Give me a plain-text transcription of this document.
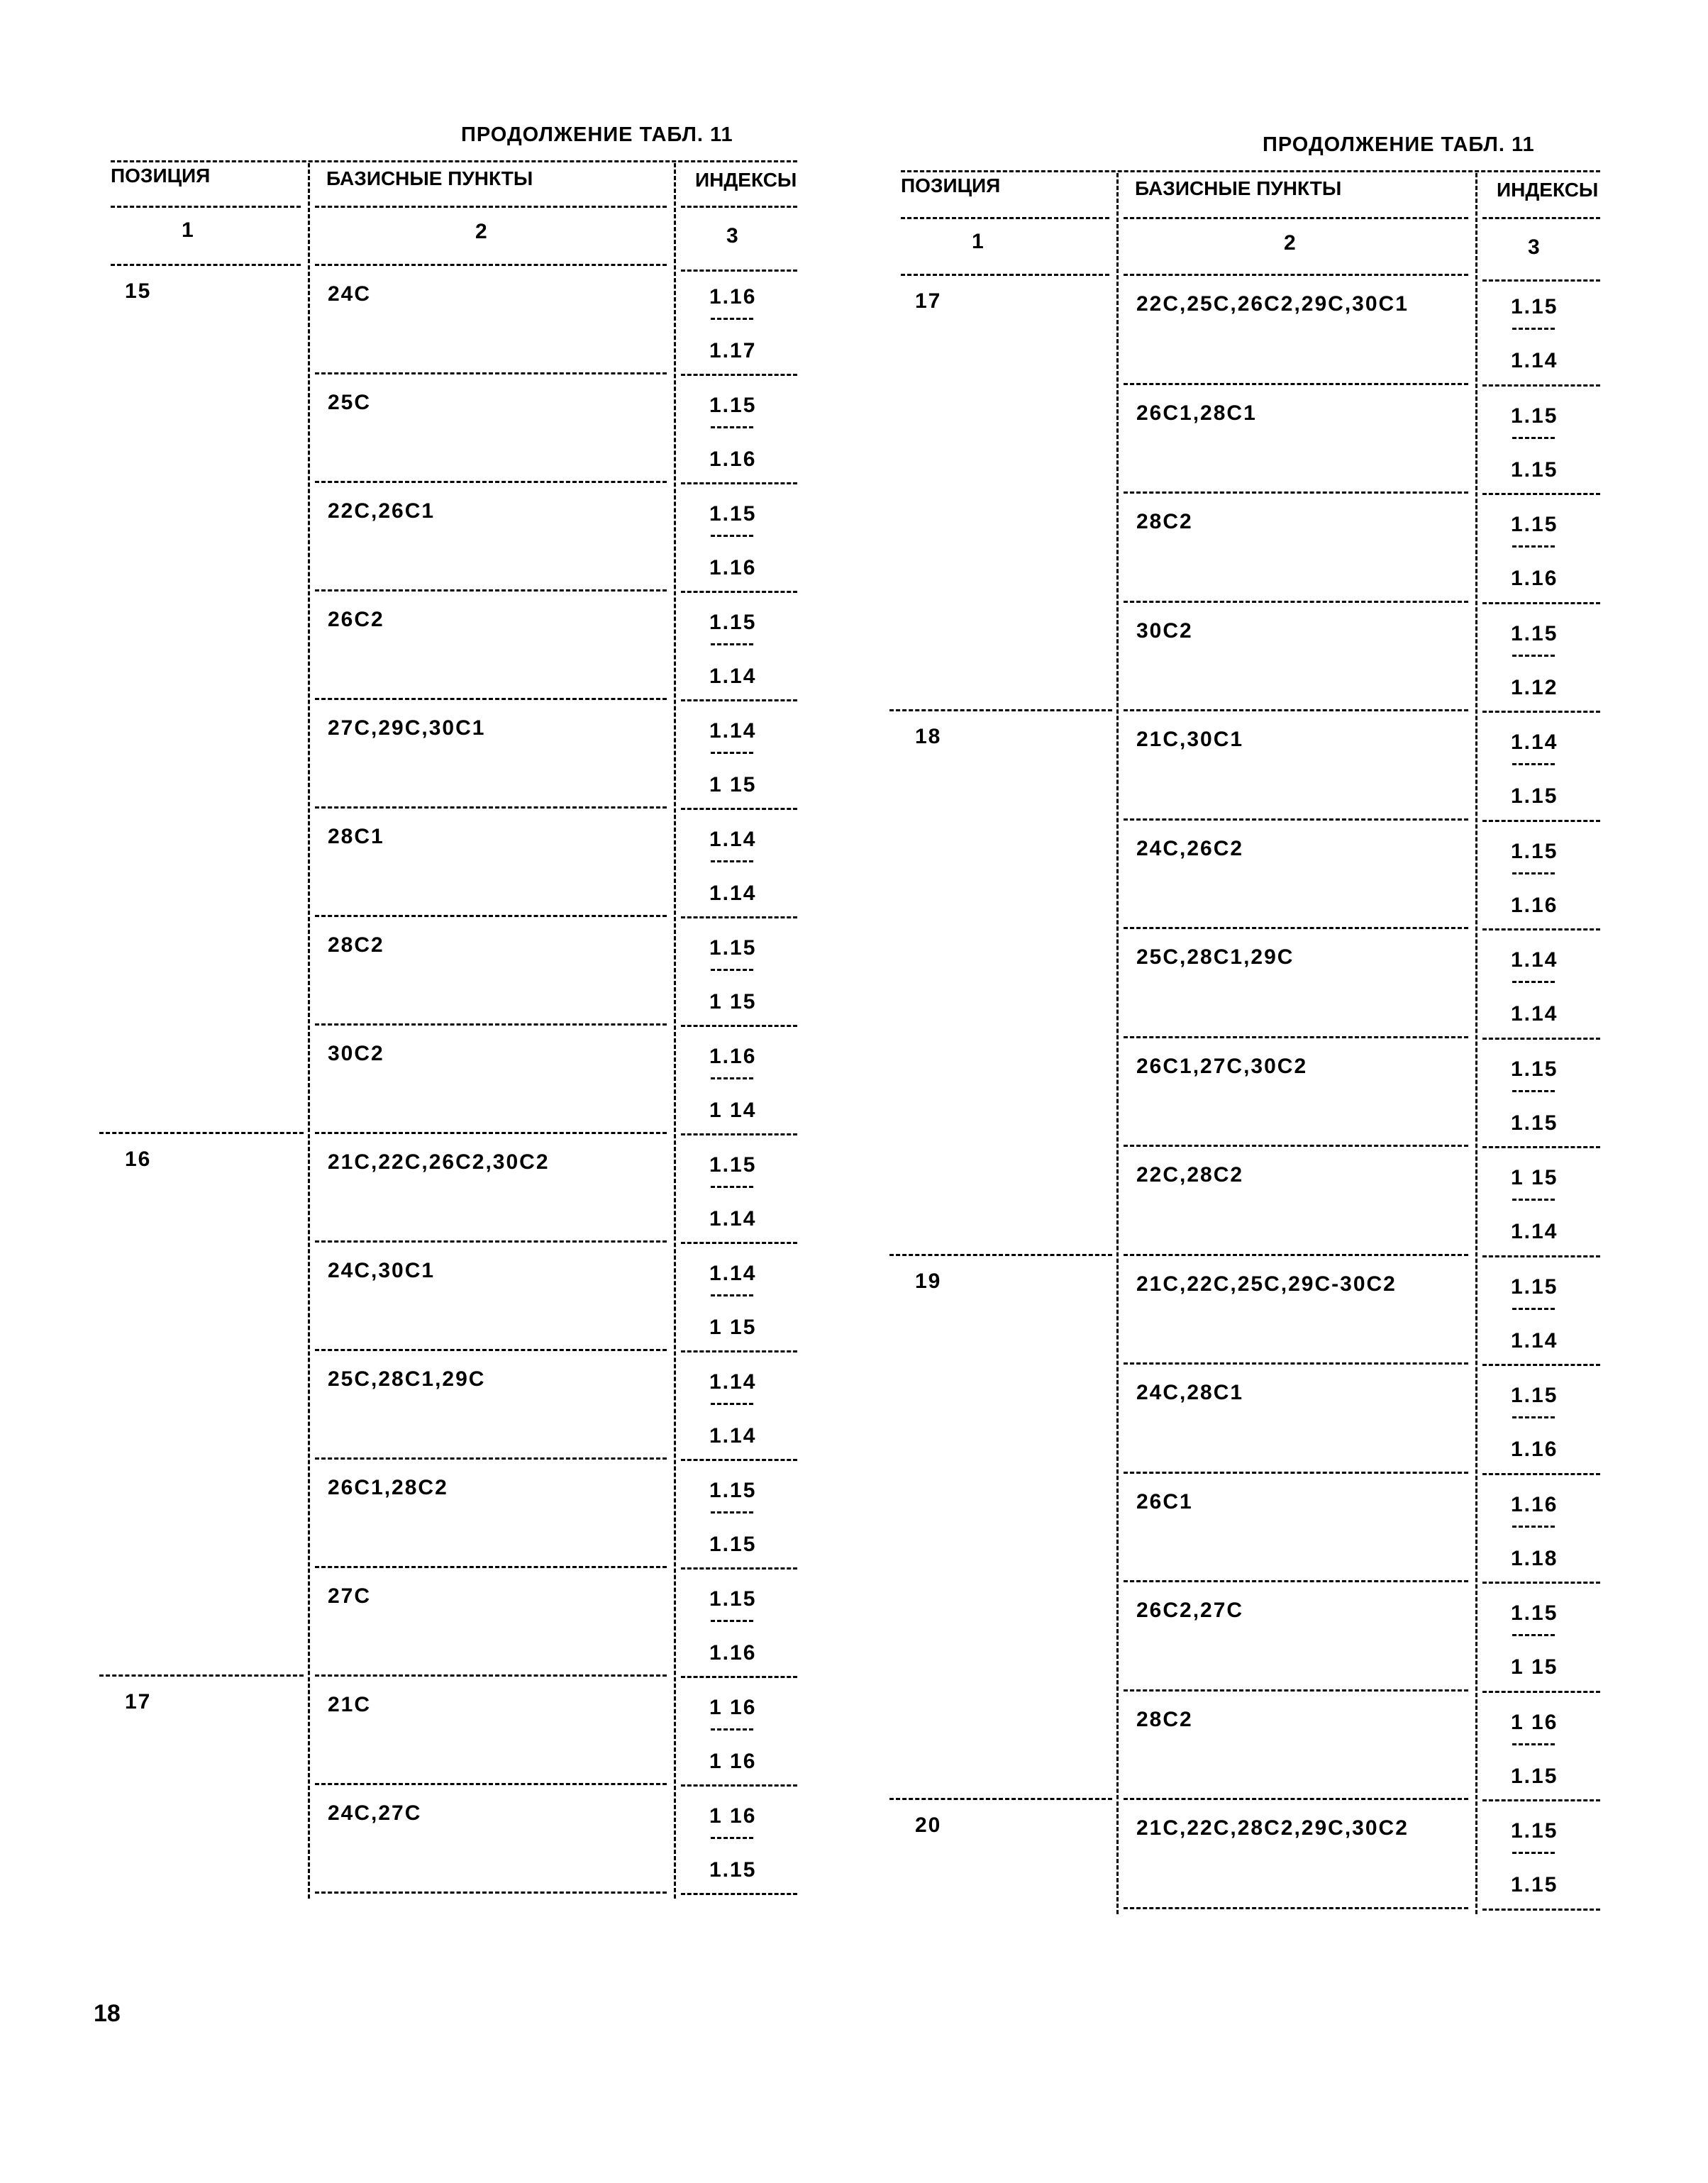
ПРОДОЛЖЕНИЕ ТАБЛ. 11
ПОЗИЦИЯ	БАЗИСНЫЕ ПУНКТЫ	ИНДЕКСЫ
1	2	3
15	24C	1.16
1.17
25C	1.15
1.16
22C,26C1	1.15
1.16
26C2	1.15
1.14
27C,29C,30C1	1.14
1 15
28C1	1.14
1.14
28C2	1.15
1 15
30C2	1.16
1 14
16	21C,22C,26C2,30C2	1.15
1.14
24C,30C1	1.14
1 15
25C,28C1,29C	1.14
1.14
26C1,28C2	1.15
1.15
27C	1.15
1.16
17	21C	1 16
1 16
24C,27C	1 16
1.15
ПРОДОЛЖЕНИЕ ТАБЛ. 11
ПОЗИЦИЯ	БАЗИСНЫЕ ПУНКТЫ	ИНДЕКСЫ
1	2	3
17	22C,25C,26C2,29C,30C1	1.15
1.14
26C1,28C1	1.15
1.15
28C2	1.15
1.16
30C2	1.15
1.12
18	21C,30C1	1.14
1.15
24C,26C2	1.15
1.16
25C,28C1,29C	1.14
1.14
26C1,27C,30C2	1.15
1.15
22C,28C2	1 15
1.14
19	21C,22C,25C,29C-30C2	1.15
1.14
24C,28C1	1.15
1.16
26C1	1.16
1.18
26C2,27C	1.15
1 15
28C2	1 16
1.15
20	21C,22C,28C2,29C,30C2	1.15
1.15
18
